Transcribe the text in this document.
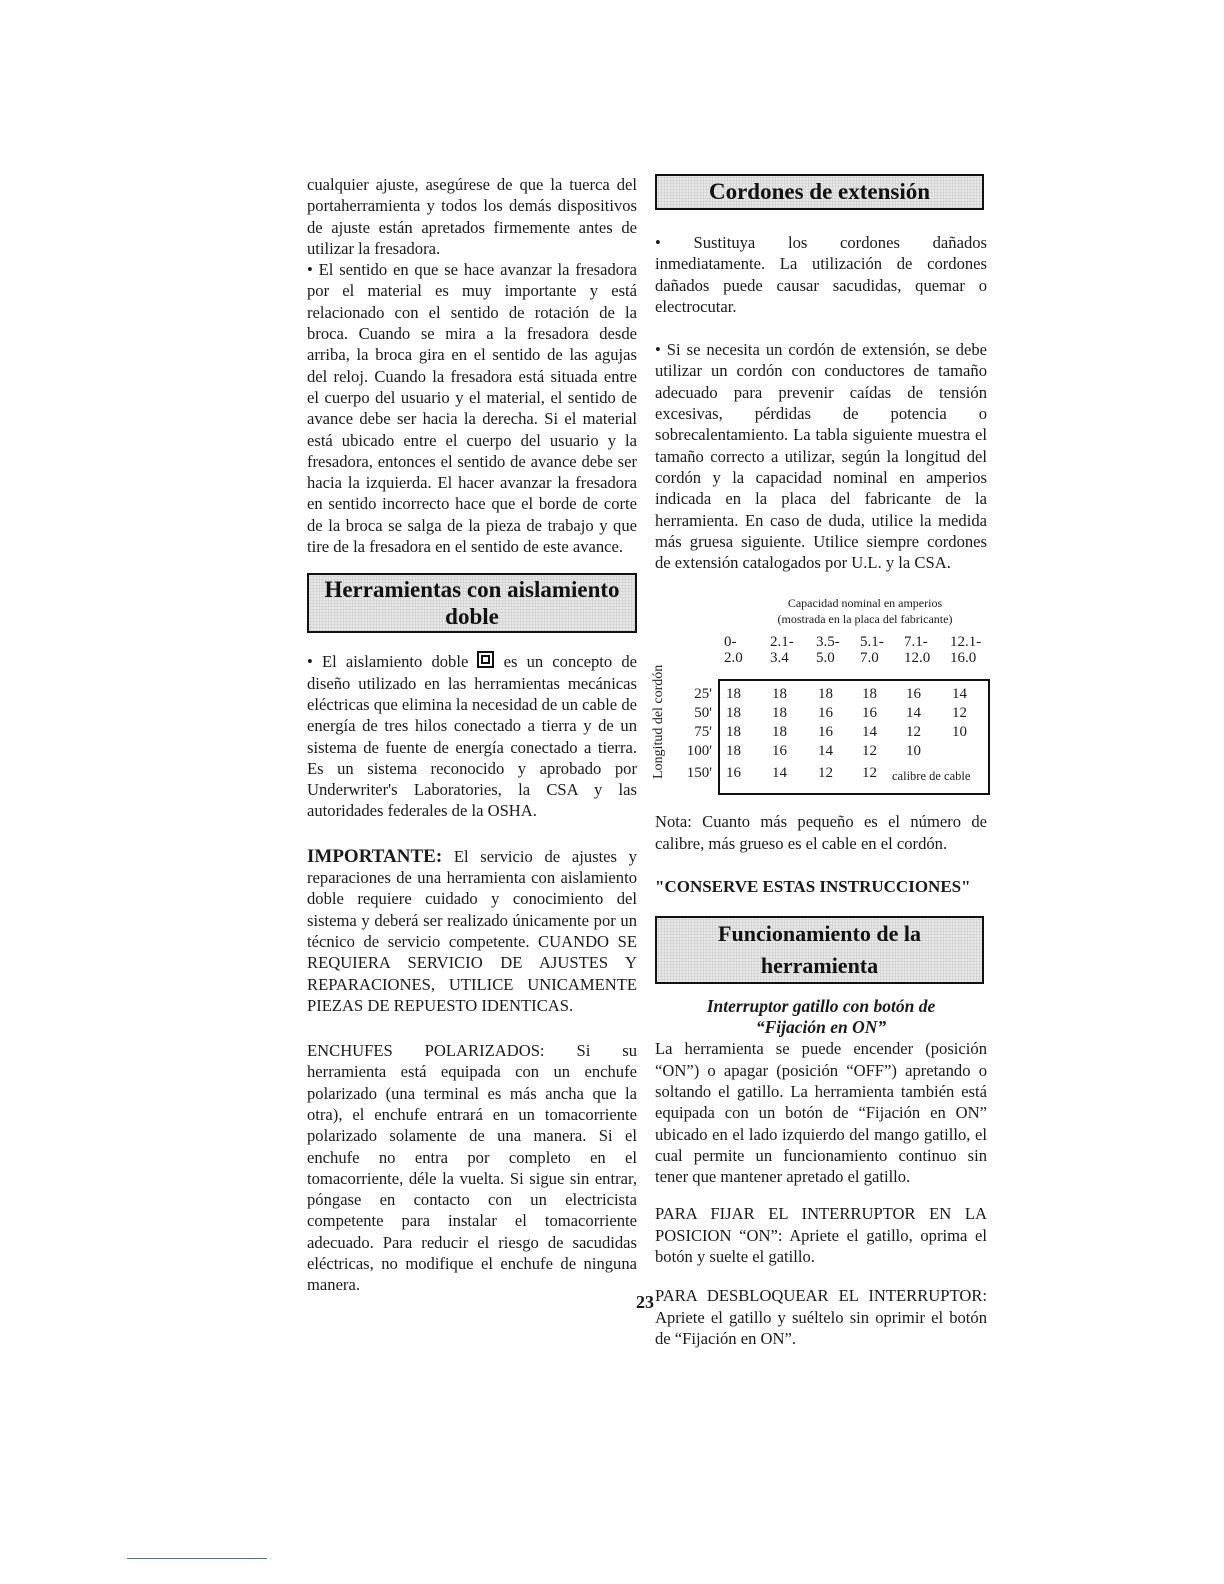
cualquier ajuste, asegúrese de que la tuerca del portaherramienta y todos los demás dispositivos de ajuste están apretados firmemente antes de utilizar la fresadora.

• El sentido en que se hace avanzar la fresadora por el material es muy importante y está relacionado con el sentido de rotación de la broca. Cuando se mira a la fresadora desde arriba, la broca gira en el sentido de las agujas del reloj. Cuando la fresadora está situada entre el cuerpo del usuario y el material, el sentido de avance debe ser hacia la derecha. Si el material está ubicado entre el cuerpo del usuario y la fresadora, entonces el sentido de avance debe ser hacia la izquierda. El hacer avanzar la fresadora en sentido incorrecto hace que el borde de corte de la broca se salga de la pieza de trabajo y que tire de la fresadora en el sentido de este avance.

Herramientas con aislamiento doble

• El aislamiento doble es un concepto de diseño utilizado en las herramientas mecánicas eléctricas que elimina la necesidad de un cable de energía de tres hilos conectado a tierra y de un sistema de fuente de energía conectado a tierra. Es un sistema reconocido y aprobado por Underwriter's Laboratories, la CSA y las autoridades federales de la OSHA.

IMPORTANTE: El servicio de ajustes y reparaciones de una herramienta con aislamiento doble requiere cuidado y conocimiento del sistema y deberá ser realizado únicamente por un técnico de servicio competente. CUANDO SE REQUIERA SERVICIO DE AJUSTES Y REPARACIONES, UTILICE UNICAMENTE PIEZAS DE REPUESTO IDENTICAS.

ENCHUFES POLARIZADOS: Si su herramienta está equipada con un enchufe polarizado (una terminal es más ancha que la otra), el enchufe entrará en un tomacorriente polarizado solamente de una manera. Si el enchufe no entra por completo en el tomacorriente, déle la vuelta. Si sigue sin entrar, póngase en contacto con un electricista competente para instalar el tomacorriente adecuado. Para reducir el riesgo de sacudidas eléctricas, no modifique el enchufe de ninguna manera.

Cordones de extensión

• Sustituya los cordones dañados inmediatamente. La utilización de cordones dañados puede causar sacudidas, quemar o electrocutar.

• Si se necesita un cordón de extensión, se debe utilizar un cordón con conductores de tamaño adecuado para prevenir caídas de tensión excesivas, pérdidas de potencia o sobrecalentamiento. La tabla siguiente muestra el tamaño correcto a utilizar, según la longitud del cordón y la capacidad nominal en amperios indicada en la placa del fabricante de la herramienta. En caso de duda, utilice la medida más gruesa siguiente. Utilice siempre cordones de extensión catalogados por U.L. y la CSA.

Capacidad nominal en amperios
(mostrada en la placa del fabricante)
Longitud del cordón	calibre de cable
18 18 18 18 16 14
18 18 16 16 14 12
18 18 16 14 12 10
18 16 14 12 10
16 14 12 12
0-
2.0
2.1-
3.4
3.5-
5.0
5.1-
7.0
7.1-
12.0
12.1-
16.0
25'
50'
75'
100'
150'

Nota: Cuanto más pequeño es el número de calibre, más grueso es el cable en el cordón.

"CONSERVE ESTAS INSTRUCCIONES"

Funcionamiento de la herramienta

Interruptor gatillo con botón de

“Fijación en ON”

La herramienta se puede encender (posición “ON”) o apagar (posición “OFF”) apretando o soltando el gatillo. La herramienta también está equipada con un botón de “Fijación en ON” ubicado en el lado izquierdo del mango gatillo, el cual permite un funcionamiento continuo sin tener que mantener apretado el gatillo.

PARA FIJAR EL INTERRUPTOR EN LA POSICION “ON”: Apriete el gatillo, oprima el botón y suelte el gatillo.

PARA DESBLOQUEAR EL INTERRUPTOR: Apriete el gatillo y suéltelo sin oprimir el botón de “Fijación en ON”.

23
